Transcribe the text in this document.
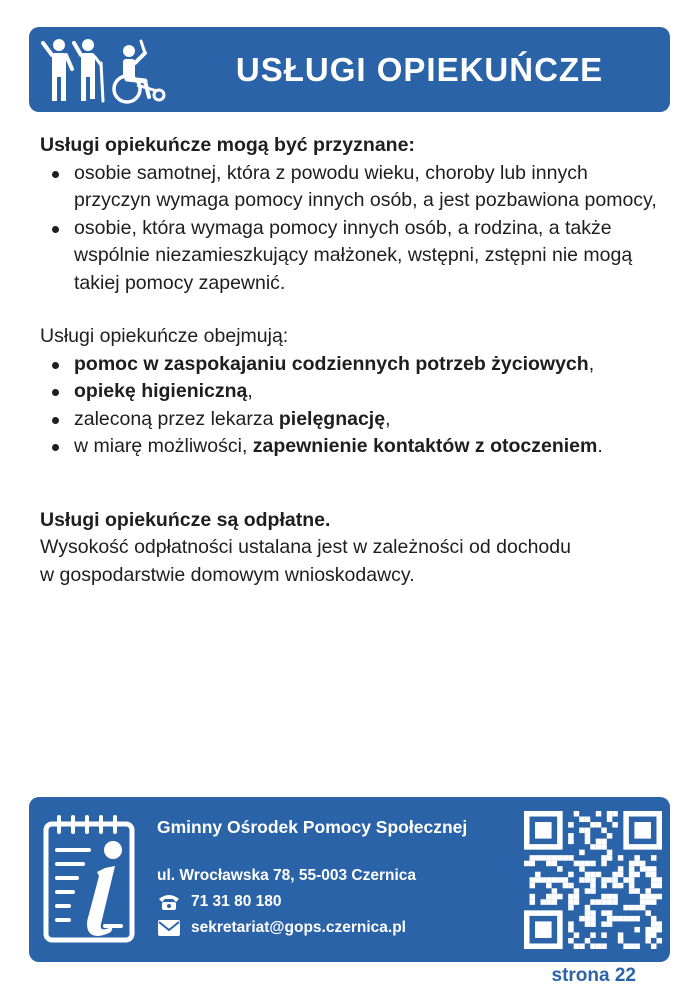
USŁUGI OPIEKUŃCZE

Usługi opiekuńcze mogą być przyznane:

osobie samotnej, która z powodu wieku, choroby lub innych przyczyn wymaga pomocy innych osób, a jest pozbawiona pomocy,
osobie, która wymaga pomocy innych osób, a rodzina, a także wspólnie niezamieszkujący małżonek, wstępni, zstępni nie mogą takiej pomocy zapewnić.

Usługi opiekuńcze obejmują:

pomoc w zaspokajaniu codziennych potrzeb życiowych,
opiekę higieniczną,
zaleconą przez lekarza pielęgnację,
w miarę możliwości, zapewnienie kontaktów z otoczeniem.

Usługi opiekuńcze są odpłatne.

Wysokość odpłatności ustalana jest w zależności od dochodu

w gospodarstwie domowym wnioskodawcy.

Gminny Ośrodek Pomocy Społecznej
ul. Wrocławska 78, 55-003 Czernica
71 31 80 180
sekretariat@gops.czernica.pl
strona 22
